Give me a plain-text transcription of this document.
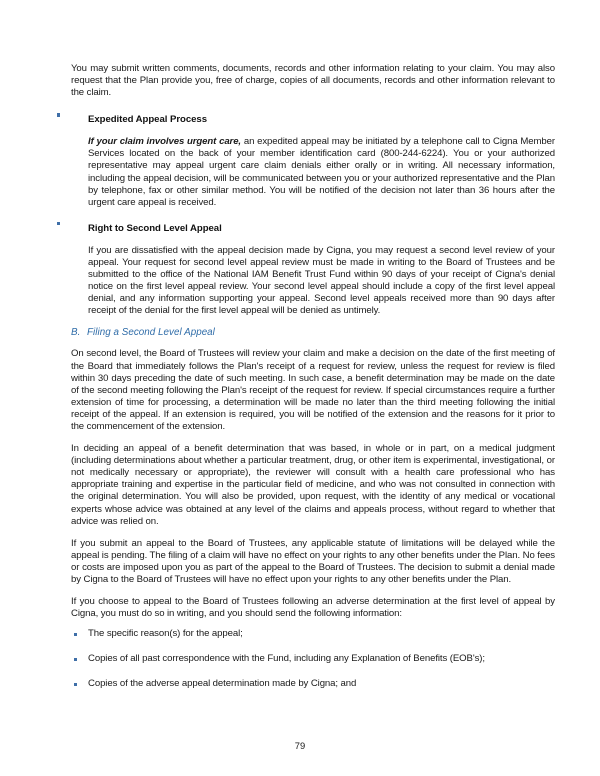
You may submit written comments, documents, records and other information relating to your claim. You may also request that the Plan provide you, free of charge, copies of all documents, records and other information relevant to the claim.

Expedited Appeal Process

If your claim involves urgent care, an expedited appeal may be initiated by a telephone call to Cigna Member Services located on the back of your member identification card (800-244-6224). You or your authorized representative may appeal urgent care claim denials either orally or in writing. All necessary information, including the appeal decision, will be communicated between you or your authorized representative and the Plan by telephone, fax or other similar method. You will be notified of the decision not later than 36 hours after the urgent care appeal is received.

Right to Second Level Appeal

If you are dissatisfied with the appeal decision made by Cigna, you may request a second level review of your appeal. Your request for second level appeal review must be made in writing to the Board of Trustees and be submitted to the office of the National IAM Benefit Trust Fund within 90 days of your receipt of Cigna's denial notice on the first level appeal review. Your second level appeal should include a copy of the first level appeal denial, and any information supporting your appeal. Second level appeals received more than 90 days after receipt of the denial for the first level appeal will be denied as untimely.

B. Filing a Second Level Appeal

On second level, the Board of Trustees will review your claim and make a decision on the date of the first meeting of the Board that immediately follows the Plan's receipt of a request for review, unless the request for review is filed within 30 days preceding the date of such meeting. In such case, a benefit determination may be made on the date of the second meeting following the Plan's receipt of the request for review. If special circumstances require a further extension of time for processing, a determination will be made no later than the third meeting following the initial receipt of the appeal. If an extension is required, you will be notified of the extension and the reasons for it prior to the commencement of the extension.

In deciding an appeal of a benefit determination that was based, in whole or in part, on a medical judgment (including determinations about whether a particular treatment, drug, or other item is experimental, investigational, or not medically necessary or appropriate), the reviewer will consult with a health care professional who has appropriate training and expertise in the particular field of medicine, and who was not consulted in connection with the original determination. You will also be provided, upon request, with the identity of any medical or vocational experts whose advice was obtained at any level of the claims and appeals process, without regard to whether that advice was relied on.

If you submit an appeal to the Board of Trustees, any applicable statute of limitations will be delayed while the appeal is pending. The filing of a claim will have no effect on your rights to any other benefits under the Plan. No fees or costs are imposed upon you as part of the appeal to the Board of Trustees. The decision to submit a denial made by Cigna to the Board of Trustees will have no effect upon your rights to any other benefits under the Plan.

If you choose to appeal to the Board of Trustees following an adverse determination at the first level of appeal by Cigna, you must do so in writing, and you should send the following information:

The specific reason(s) for the appeal;
Copies of all past correspondence with the Fund, including any Explanation of Benefits (EOB's);
Copies of the adverse appeal determination made by Cigna; and
79
